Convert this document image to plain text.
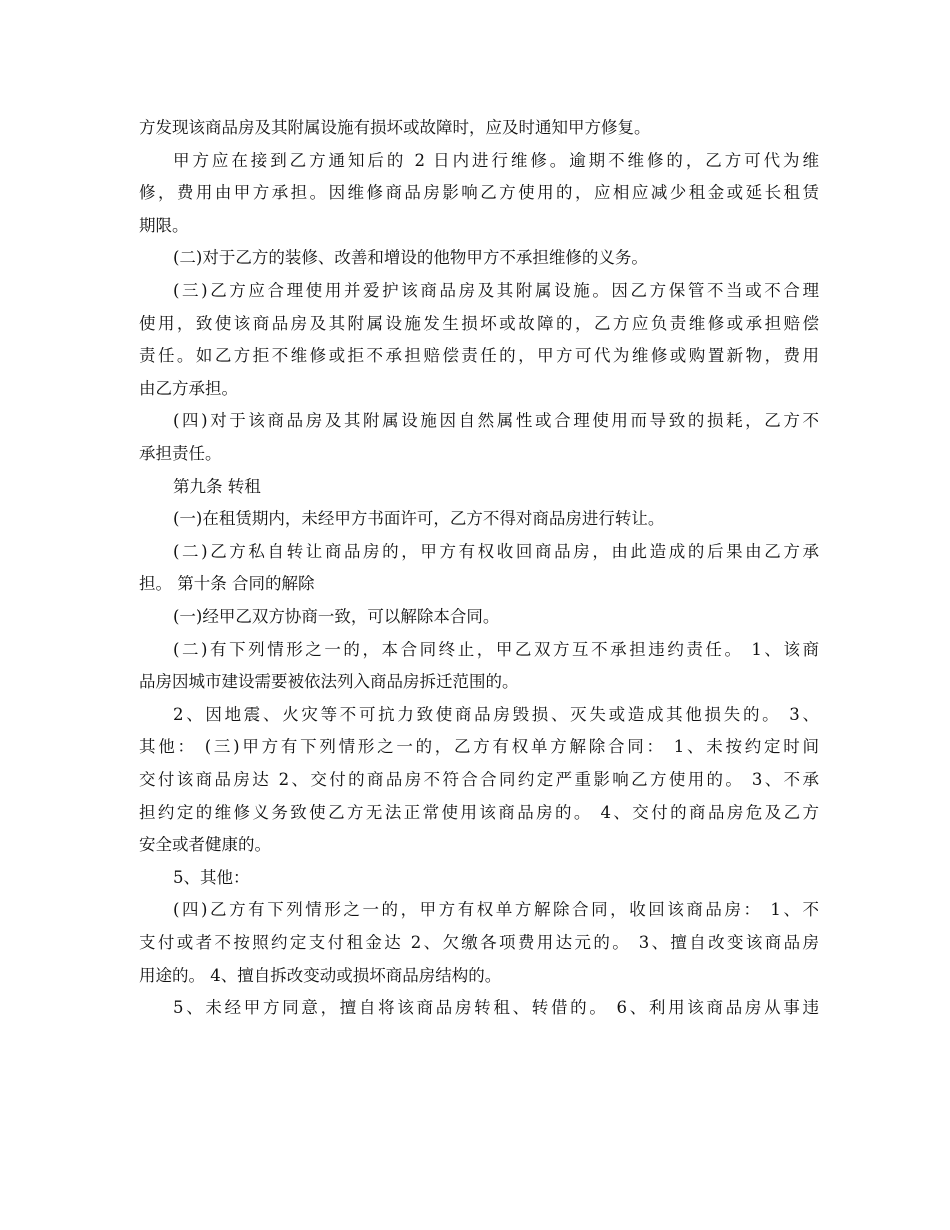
方发现该商品房及其附属设施有损坏或故障时，应及时通知甲方修复。
甲方应在接到乙方通知后的 2 日内进行维修。逾期不维修的，乙方可代为维
修，费用由甲方承担。因维修商品房影响乙方使用的，应相应减少租金或延长租赁
期限。
(二)对于乙方的装修、改善和增设的他物甲方不承担维修的义务。
(三)乙方应合理使用并爱护该商品房及其附属设施。因乙方保管不当或不合理
使用，致使该商品房及其附属设施发生损坏或故障的，乙方应负责维修或承担赔偿
责任。如乙方拒不维修或拒不承担赔偿责任的，甲方可代为维修或购置新物，费用
由乙方承担。
(四)对于该商品房及其附属设施因自然属性或合理使用而导致的损耗，乙方不
承担责任。
第九条 转租
(一)在租赁期内，未经甲方书面许可，乙方不得对商品房进行转让。
(二)乙方私自转让商品房的，甲方有权收回商品房，由此造成的后果由乙方承
担。 第十条 合同的解除
(一)经甲乙双方协商一致，可以解除本合同。
(二)有下列情形之一的，本合同终止，甲乙双方互不承担违约责任。 1、该商
品房因城市建设需要被依法列入商品房拆迁范围的。
2、因地震、火灾等不可抗力致使商品房毁损、灭失或造成其他损失的。 3、
其他： (三)甲方有下列情形之一的，乙方有权单方解除合同： 1、未按约定时间
交付该商品房达 2、交付的商品房不符合合同约定严重影响乙方使用的。 3、不承
担约定的维修义务致使乙方无法正常使用该商品房的。 4、交付的商品房危及乙方
安全或者健康的。
5、其他：
(四)乙方有下列情形之一的，甲方有权单方解除合同，收回该商品房： 1、不
支付或者不按照约定支付租金达 2、欠缴各项费用达元的。 3、擅自改变该商品房
用途的。 4、擅自拆改变动或损坏商品房结构的。
5、未经甲方同意，擅自将该商品房转租、转借的。 6、利用该商品房从事违
